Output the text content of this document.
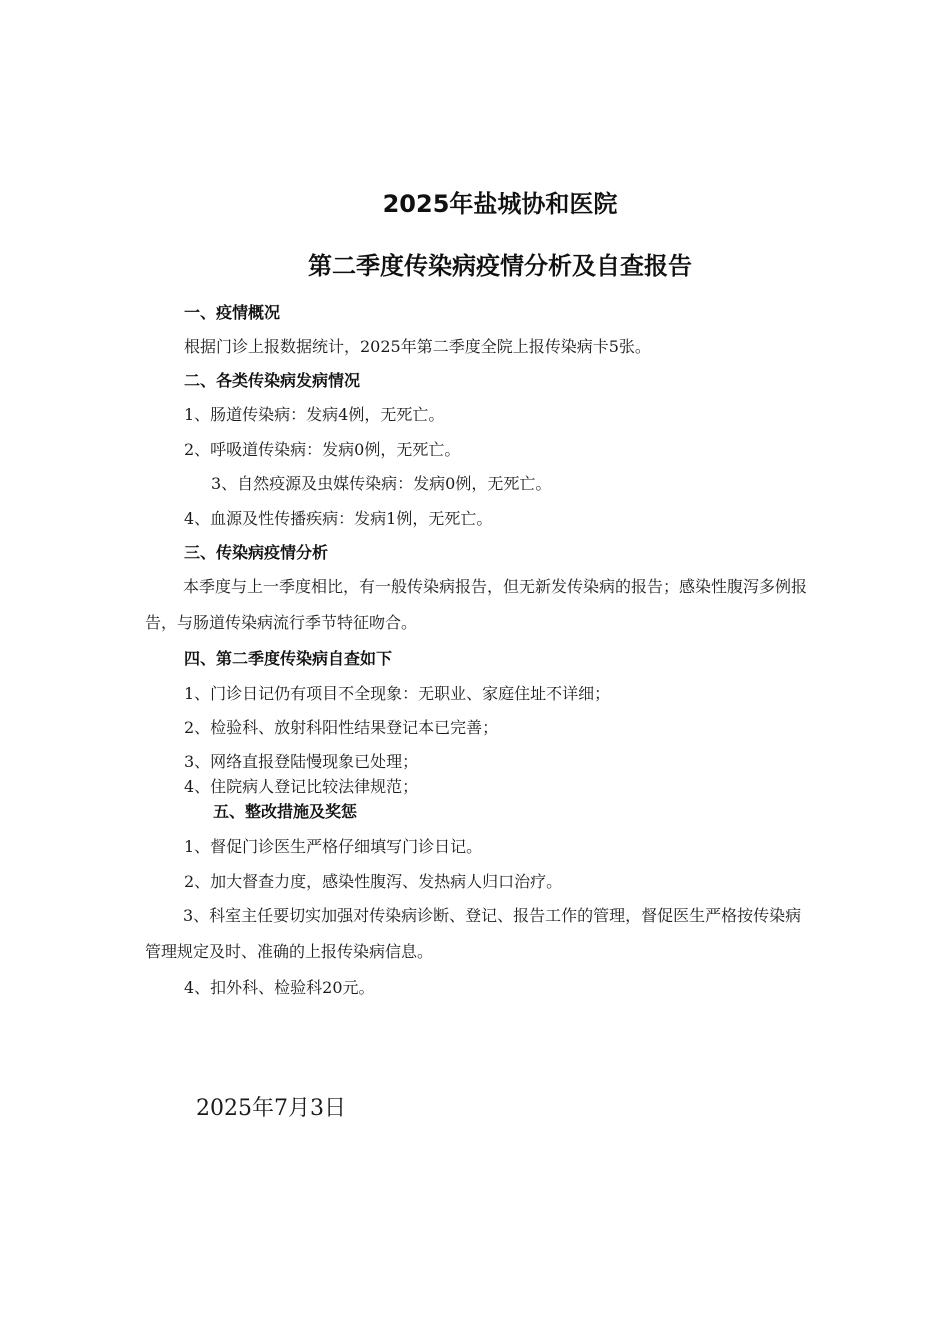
2025年盐城协和医院
第二季度传染病疫情分析及自查报告

一、疫情概况

根据门诊上报数据统计，2025年第二季度全院上报传染病卡5张。

二、各类传染病发病情况

1、肠道传染病：发病4例，无死亡。

2、呼吸道传染病：发病0例，无死亡。

3、自然疫源及虫媒传染病：发病0例，无死亡。

4、血源及性传播疾病：发病1例，无死亡。

三、传染病疫情分析

本季度与上一季度相比，有一般传染病报告，但无新发传染病的报告；感染性腹泻多例报告，与肠道传染病流行季节特征吻合。

四、第二季度传染病自查如下

1、门诊日记仍有项目不全现象：无职业、家庭住址不详细；

2、检验科、放射科阳性结果登记本已完善；

3、网络直报登陆慢现象已处理；

4、住院病人登记比较法律规范；

五、整改措施及奖惩

1、督促门诊医生严格仔细填写门诊日记。

2、加大督查力度，感染性腹泻、发热病人归口治疗。

3、科室主任要切实加强对传染病诊断、登记、报告工作的管理，督促医生严格按传染病管理规定及时、准确的上报传染病信息。

4、扣外科、检验科20元。

2025年7月3日
